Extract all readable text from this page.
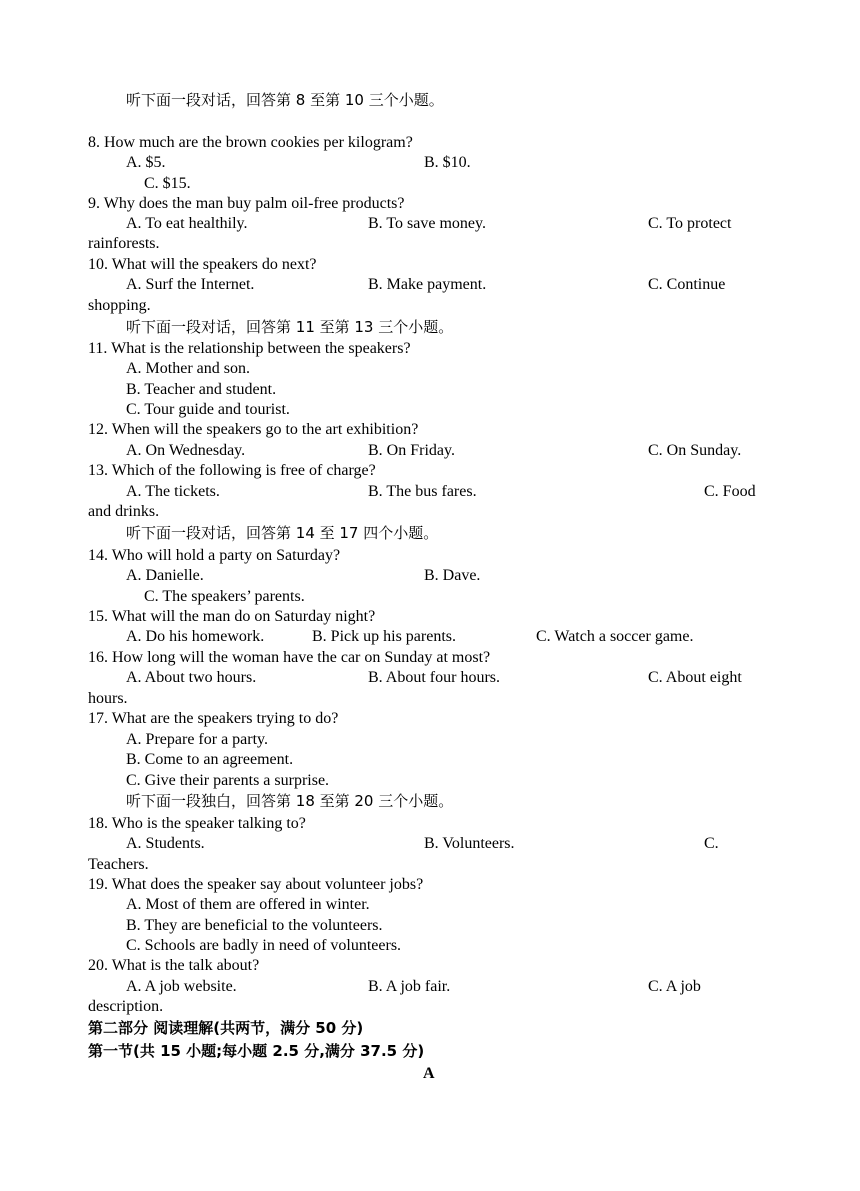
听下面一段对话，回答第 8 至第 10 三个小题。
8. How much are the brown cookies per kilogram?
A. $5.	B. $10.
C. $15.
9. Why does the man buy palm oil-free products?
A. To eat healthily.	B. To save money.	C. To protect
rainforests.
10. What will the speakers do next?
A. Surf the Internet.	B. Make payment.	C. Continue
shopping.
听下面一段对话，回答第 11 至第 13 三个小题。
11. What is the relationship between the speakers?
A. Mother and son.
B. Teacher and student.
C. Tour guide and tourist.
12. When will the speakers go to the art exhibition?
A. On Wednesday.	B. On Friday.	C. On Sunday.
13. Which of the following is free of charge?
A. The tickets.	B. The bus fares.	C. Food
and drinks.
听下面一段对话，回答第 14 至 17 四个小题。
14. Who will hold a party on Saturday?
A. Danielle.	B. Dave.
C. The speakers’ parents.
15. What will the man do on Saturday night?
A. Do his homework.	B. Pick up his parents.	C. Watch a soccer game.
16. How long will the woman have the car on Sunday at most?
A. About two hours.	B. About four hours.	C. About eight
hours.
17. What are the speakers trying to do?
A. Prepare for a party.
B. Come to an agreement.
C. Give their parents a surprise.
听下面一段独白，回答第 18 至第 20 三个小题。
18. Who is the speaker talking to?
A. Students.	B. Volunteers.	C.
Teachers.
19. What does the speaker say about volunteer jobs?
A. Most of them are offered in winter.
B. They are beneficial to the volunteers.
C. Schools are badly in need of volunteers.
20. What is the talk about?
A. A job website.	B. A job fair.	C. A job
description.
第二部分 阅读理解(共两节，满分 50 分)
第一节(共 15 小题;每小题 2.5 分,满分 37.5 分)
A
